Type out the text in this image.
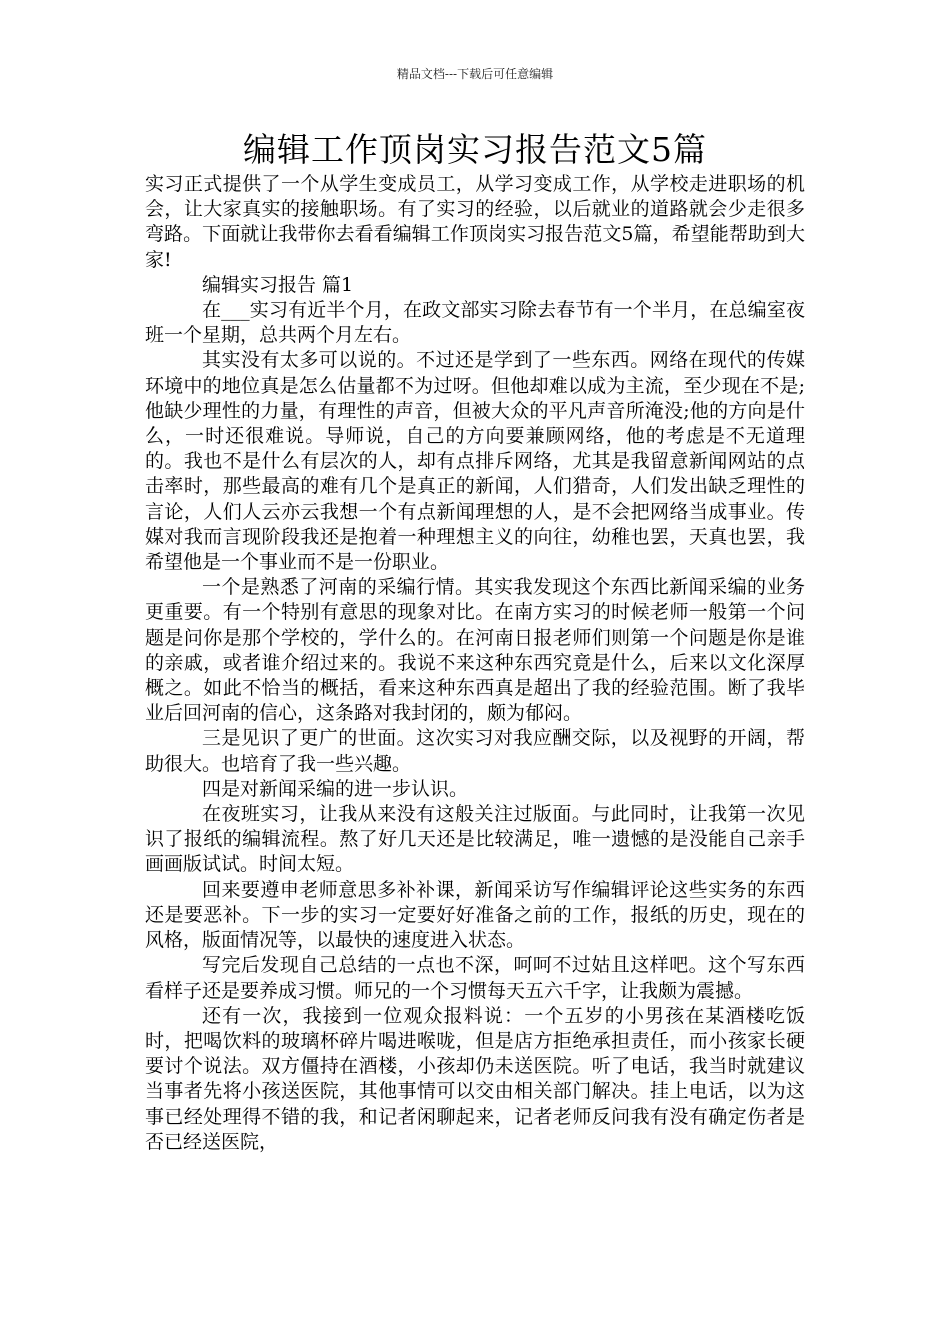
精品文档---下载后可任意编辑
编辑工作顶岗实习报告范文5篇

实习正式提供了一个从学生变成员工，从学习变成工作，从学校走进职场的机会，让大家真实的接触职场。有了实习的经验，以后就业的道路就会少走很多弯路。下面就让我带你去看看编辑工作顶岗实习报告范文5篇，希望能帮助到大家!

编辑实习报告 篇1

在___实习有近半个月，在政文部实习除去春节有一个半月，在总编室夜班一个星期，总共两个月左右。

其实没有太多可以说的。不过还是学到了一些东西。网络在现代的传媒环境中的地位真是怎么估量都不为过呀。但他却难以成为主流，至少现在不是;他缺少理性的力量，有理性的声音，但被大众的平凡声音所淹没;他的方向是什么，一时还很难说。导师说，自己的方向要兼顾网络，他的考虑是不无道理的。我也不是什么有层次的人，却有点排斥网络，尤其是我留意新闻网站的点击率时，那些最高的难有几个是真正的新闻，人们猎奇，人们发出缺乏理性的言论，人们人云亦云我想一个有点新闻理想的人，是不会把网络当成事业。传媒对我而言现阶段我还是抱着一种理想主义的向往，幼稚也罢，天真也罢，我希望他是一个事业而不是一份职业。

一个是熟悉了河南的采编行情。其实我发现这个东西比新闻采编的业务更重要。有一个特别有意思的现象对比。在南方实习的时候老师一般第一个问题是问你是那个学校的，学什么的。在河南日报老师们则第一个问题是你是谁的亲戚，或者谁介绍过来的。我说不来这种东西究竟是什么，后来以文化深厚概之。如此不恰当的概括，看来这种东西真是超出了我的经验范围。断了我毕业后回河南的信心，这条路对我封闭的，颇为郁闷。

三是见识了更广的世面。这次实习对我应酬交际，以及视野的开阔，帮助很大。也培育了我一些兴趣。

四是对新闻采编的进一步认识。

在夜班实习，让我从来没有这般关注过版面。与此同时，让我第一次见识了报纸的编辑流程。熬了好几天还是比较满足，唯一遗憾的是没能自己亲手画画版试试。时间太短。

回来要遵申老师意思多补补课，新闻采访写作编辑评论这些实务的东西还是要恶补。下一步的实习一定要好好准备之前的工作，报纸的历史，现在的风格，版面情况等，以最快的速度进入状态。

写完后发现自己总结的一点也不深，呵呵不过姑且这样吧。这个写东西看样子还是要养成习惯。师兄的一个习惯每天五六千字，让我颇为震撼。

还有一次，我接到一位观众报料说：一个五岁的小男孩在某酒楼吃饭时，把喝饮料的玻璃杯碎片喝进喉咙，但是店方拒绝承担责任，而小孩家长硬要讨个说法。双方僵持在酒楼，小孩却仍未送医院。听了电话，我当时就建议当事者先将小孩送医院，其他事情可以交由相关部门解决。挂上电话，以为这事已经处理得不错的我，和记者闲聊起来，记者老师反问我有没有确定伤者是否已经送医院，
